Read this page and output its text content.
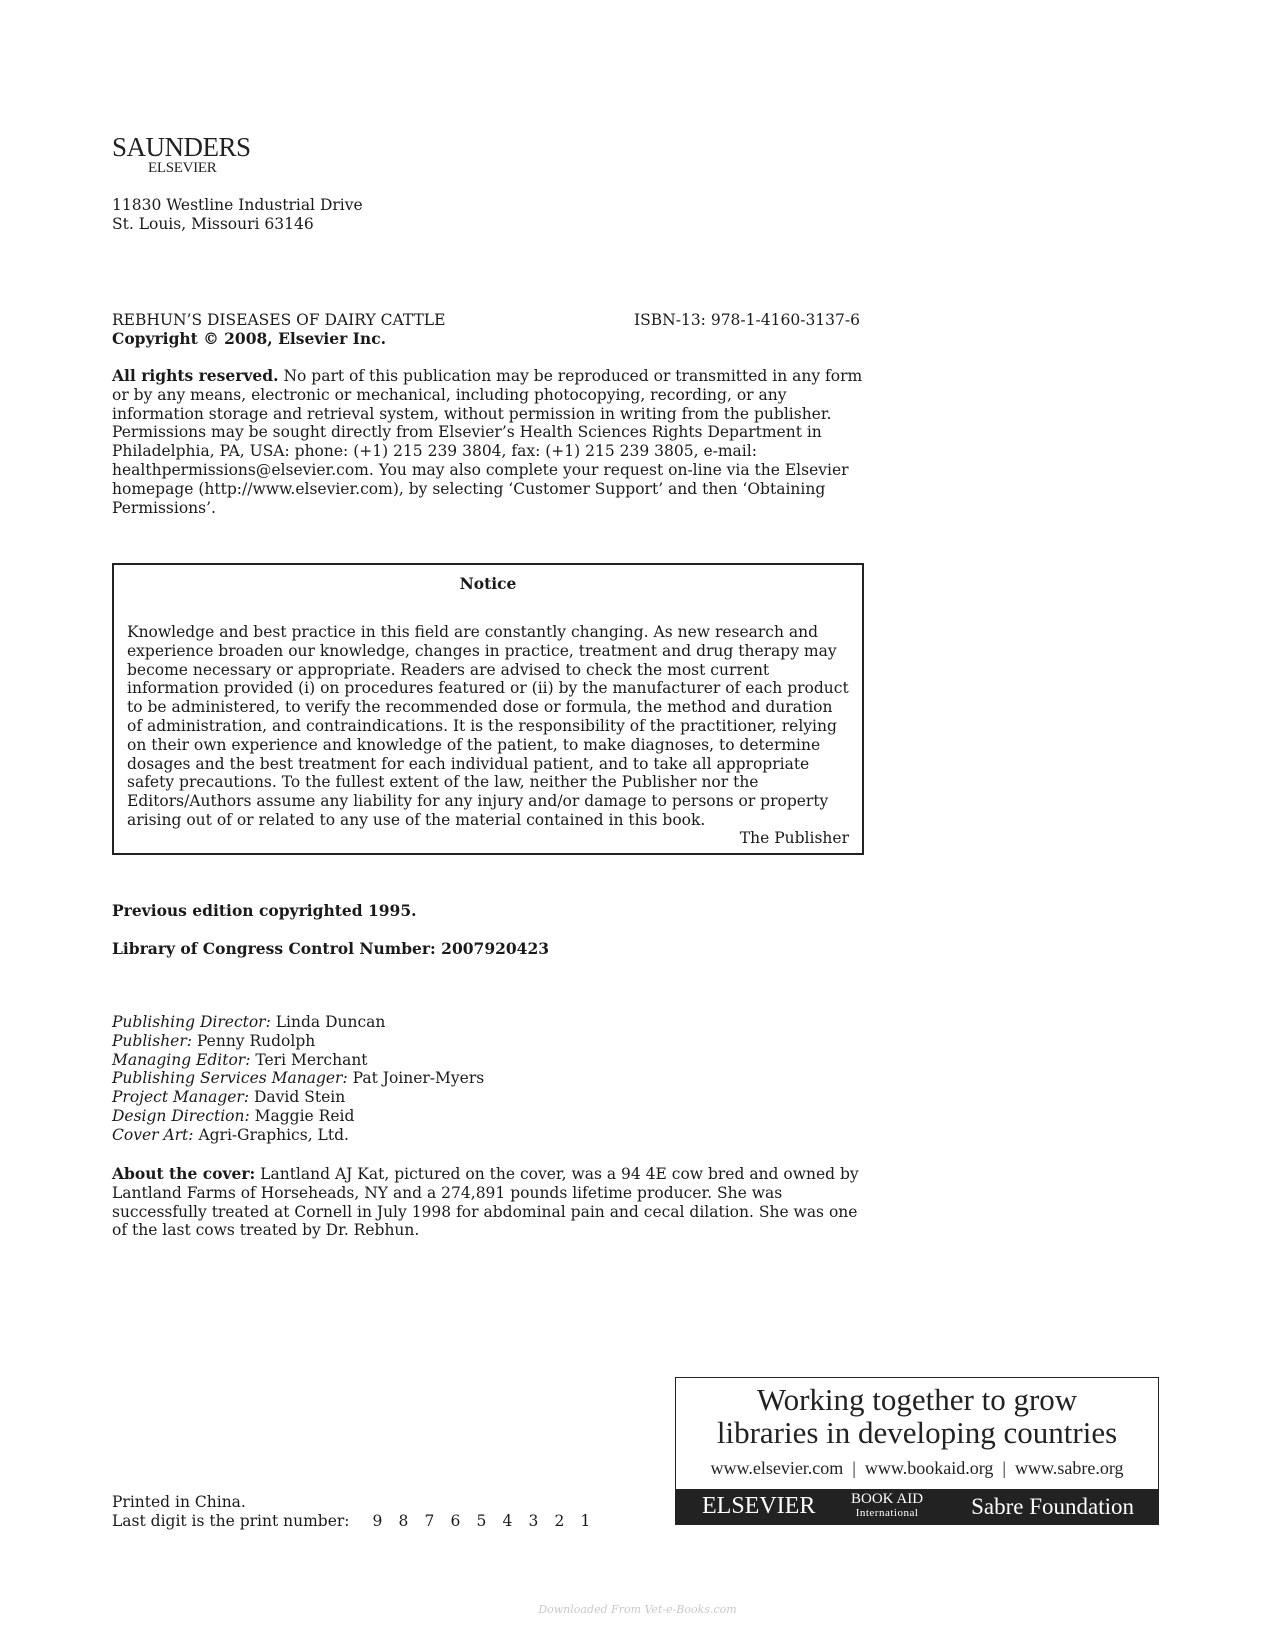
SAUNDERS
ELSEVIER
11830 Westline Industrial Drive
St. Louis, Missouri 63146
REBHUN’S DISEASES OF DAIRY CATTLE	ISBN-13: 978-1-4160-3137-6
Copyright © 2008, Elsevier Inc.
All rights reserved. No part of this publication may be reproduced or transmitted in any form or by any means, electronic or mechanical, including photocopying, recording, or any information storage and retrieval system, without permission in writing from the publisher.
Permissions may be sought directly from Elsevier’s Health Sciences Rights Department in Philadelphia, PA, USA: phone: (+1) 215 239 3804, fax: (+1) 215 239 3805, e-mail: healthpermissions@elsevier.com. You may also complete your request on-line via the Elsevier homepage (http://www.elsevier.com), by selecting ‘Customer Support’ and then ‘Obtaining Permissions’.
Notice
Knowledge and best practice in this field are constantly changing. As new research and experience broaden our knowledge, changes in practice, treatment and drug therapy may become necessary or appropriate. Readers are advised to check the most current information provided (i) on procedures featured or (ii) by the manufacturer of each product to be administered, to verify the recommended dose or formula, the method and duration of administration, and contraindications. It is the responsibility of the practitioner, relying on their own experience and knowledge of the patient, to make diagnoses, to determine dosages and the best treatment for each individual patient, and to take all appropriate safety precautions. To the fullest extent of the law, neither the Publisher nor the Editors/Authors assume any liability for any injury and/or damage to persons or property arising out of or related to any use of the material contained in this book.
The Publisher
Previous edition copyrighted 1995.
Library of Congress Control Number: 2007920423
Publishing Director: Linda Duncan
Publisher: Penny Rudolph
Managing Editor: Teri Merchant
Publishing Services Manager: Pat Joiner-Myers
Project Manager: David Stein
Design Direction: Maggie Reid
Cover Art: Agri-Graphics, Ltd.
About the cover: Lantland AJ Kat, pictured on the cover, was a 94 4E cow bred and owned by Lantland Farms of Horseheads, NY and a 274,891 pounds lifetime producer. She was successfully treated at Cornell in July 1998 for abdominal pain and cecal dilation. She was one of the last cows treated by Dr. Rebhun.
Printed in China.
Last digit is the print number: 9 8 7 6 5 4 3 2 1
Working together to grow
libraries in developing countries
www.elsevier.com | www.bookaid.org | www.sabre.org
ELSEVIER BOOK AID
International Sabre Foundation
Downloaded From Vet-e-Books.com
